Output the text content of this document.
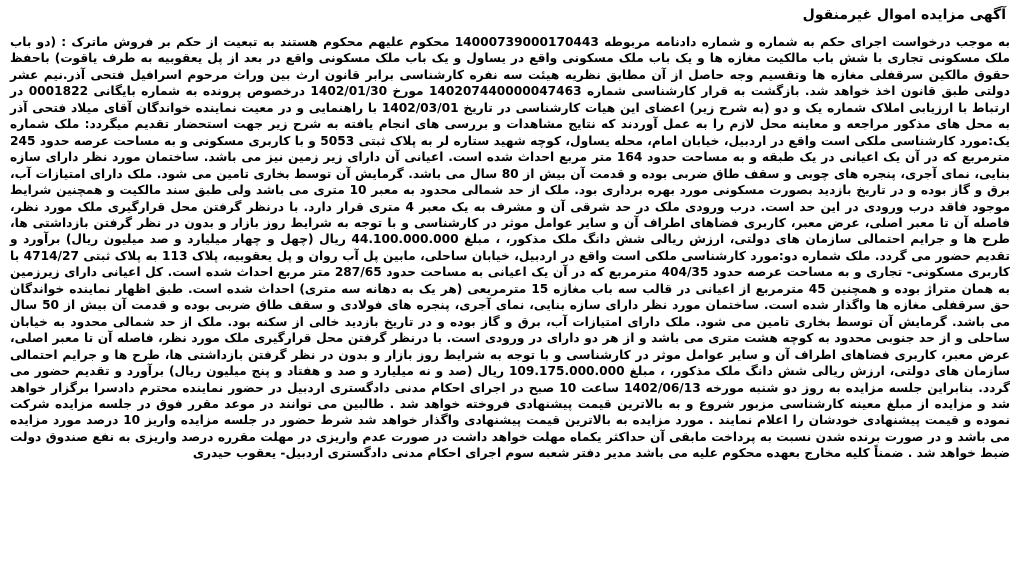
آگهی مزایده اموال غیرمنقول

به موجب درخواست اجرای حکم به شماره و شماره دادنامه مربوطه 14000739000170443 محکوم علیهم محکوم هستند به تبعیت از حکم بر فروش ماترک : (دو باب ملک مسکونی تجاری با شش باب مالکیت مغازه ها و یک باب ملک مسکونی واقع در یساول و یک باب ملک مسکونی واقع در بعد از پل یعقوبیه به طرف یاقوت) باحفظ حقوق مالکین سرقفلی مغازه ها وتقسیم وجه حاصل از آن مطابق نظریه هیئت سه نفره کارشناسی برابر قانون ارث بین وراث مرحوم اسرافیل فتحی آذر.نیم عشر دولتی طبق قانون اخذ خواهد شد. بازگشت به قرار کارشناسی شماره 140207440000047463 مورخ 1402/01/30 درخصوص پرونده به شماره بایگانی 0001822 در ارتباط با ارزیابی املاک شماره یک و دو (به شرح زیر) اعضای این هیات کارشناسی در تاریخ 1402/03/01 با راهنمایی و در معیت نماینده خواندگان آقای میلاد فتحی آذر به محل های مذکور مراجعه و معاینه محل لازم را به عمل آوردند که نتایج مشاهدات و بررسی های انجام یافته به شرح زیر جهت استحضار تقدیم میگردد: ملک شماره یک:مورد کارشناسی ملکی است واقع در اردبیل، خیابان امام، محله یساول، کوچه شهید ستاره لر به پلاک ثبتی 5053 و با کاربری مسکونی و به مساحت عرصه حدود 245 مترمربع که در آن یک اعیانی در یک طبقه و به مساحت حدود 164 متر مربع احداث شده است. اعیانی آن دارای زیر زمین نیز می باشد. ساختمان مورد نظر دارای سازه بنایی، نمای آجری، پنجره های چوبی و سقف طاق ضربی بوده و قدمت آن بیش از 80 سال می باشد. گرمایش آن توسط بخاری تامین می شود. ملک دارای امتیازات آب، برق و گاز بوده و در تاریخ بازدید بصورت مسکونی مورد بهره برداری بود. ملک از حد شمالی محدود به معبر 10 متری می باشد ولی طبق سند مالکیت و همچنین شرایط موجود فاقد درب ورودی در این حد است. درب ورودی ملک در حد شرقی آن و مشرف به یک معبر 4 متری قرار دارد. با درنظر گرفتن محل قرارگیری ملک مورد نظر، فاصله آن تا معبر اصلی، عرض معبر، کاربری فضاهای اطراف آن و سایر عوامل موثر در کارشناسی و با توجه به شرایط روز بازار و بدون در نظر گرفتن بازداشتی ها، طرح ها و جرایم احتمالی سازمان های دولتی، ارزش ریالی شش دانگ ملک مذکور، ، مبلغ 44.100.000.000 ریال (چهل و چهار میلیارد و صد میلیون ریال) برآورد و تقدیم حضور می گردد. ملک شماره دو:مورد کارشناسی ملکی است واقع در اردبیل، خیابان ساحلی، مابین پل آب روان و پل یعقوبیه، پلاک 113 به پلاک ثبتی 4714/27 با کاربری مسکونی- تجاری و به مساحت عرصه حدود 404/35 مترمربع که در آن یک اعیانی به مساحت حدود 287/65 متر مربع احداث شده است. کل اعیانی دارای زیرزمین به همان متراژ بوده و همچنین 45 مترمربع از اعیانی در قالب سه باب مغازه 15 مترمربعی (هر یک به دهانه سه متری) احداث شده است. طبق اظهار نماینده خواندگان حق سرقفلی مغازه ها واگذار شده است. ساختمان مورد نظر دارای سازه بنایی، نمای آجری، پنجره های فولادی و سقف طاق ضربی بوده و قدمت آن بیش از 50 سال می باشد. گرمایش آن توسط بخاری تامین می شود. ملک دارای امتیازات آب، برق و گاز بوده و در تاریخ بازدید خالی از سکنه بود. ملک از حد شمالی محدود به خیابان ساحلی و از حد جنوبی محدود به کوچه هشت متری می باشد و از هر دو دارای در ورودی است. با درنظر گرفتن محل قرارگیری ملک مورد نظر، فاصله آن تا معبر اصلی، عرض معبر، کاربری فضاهای اطراف آن و سایر عوامل موثر در کارشناسی و با توجه به شرایط روز بازار و بدون در نظر گرفتن بازداشتی ها، طرح ها و جرایم احتمالی سازمان های دولتی، ارزش ریالی شش دانگ ملک مذکور، ، مبلغ 109.175.000.000 ریال (صد و نه میلیارد و صد و هفتاد و پنج میلیون ریال) برآورد و تقدیم حضور می گردد. بنابراین جلسه مزایده به روز دو شنبه مورخه 1402/06/13 ساعت 10 صبح در اجرای احکام مدنی دادگستری اردبیل در حضور نماینده محترم دادسرا برگزار خواهد شد و مزایده از مبلغ معینه کارشناسی مزبور شروع و به بالاترین قیمت پیشنهادی فروخته خواهد شد . طالبین می توانند در موعد مقرر فوق در جلسه مزایده شرکت نموده و قیمت پیشنهادی خودشان را اعلام نمایند . مورد مزایده به بالاترین قیمت پیشنهادی واگذار خواهد شد شرط حضور در جلسه مزایده واریز 10 درصد مورد مزایده می باشد و در صورت برنده شدن نسبت به پرداخت مابقی آن حداکثر یکماه مهلت خواهد داشت در صورت عدم واریزی در مهلت مقرره درصد واریزی به نفع صندوق دولت ضبط خواهد شد . ضمناً کلیه مخارج بعهده محکوم علیه می باشد مدیر دفتر شعبه سوم اجرای احکام مدنی دادگستری اردبیل- یعقوب حیدری
